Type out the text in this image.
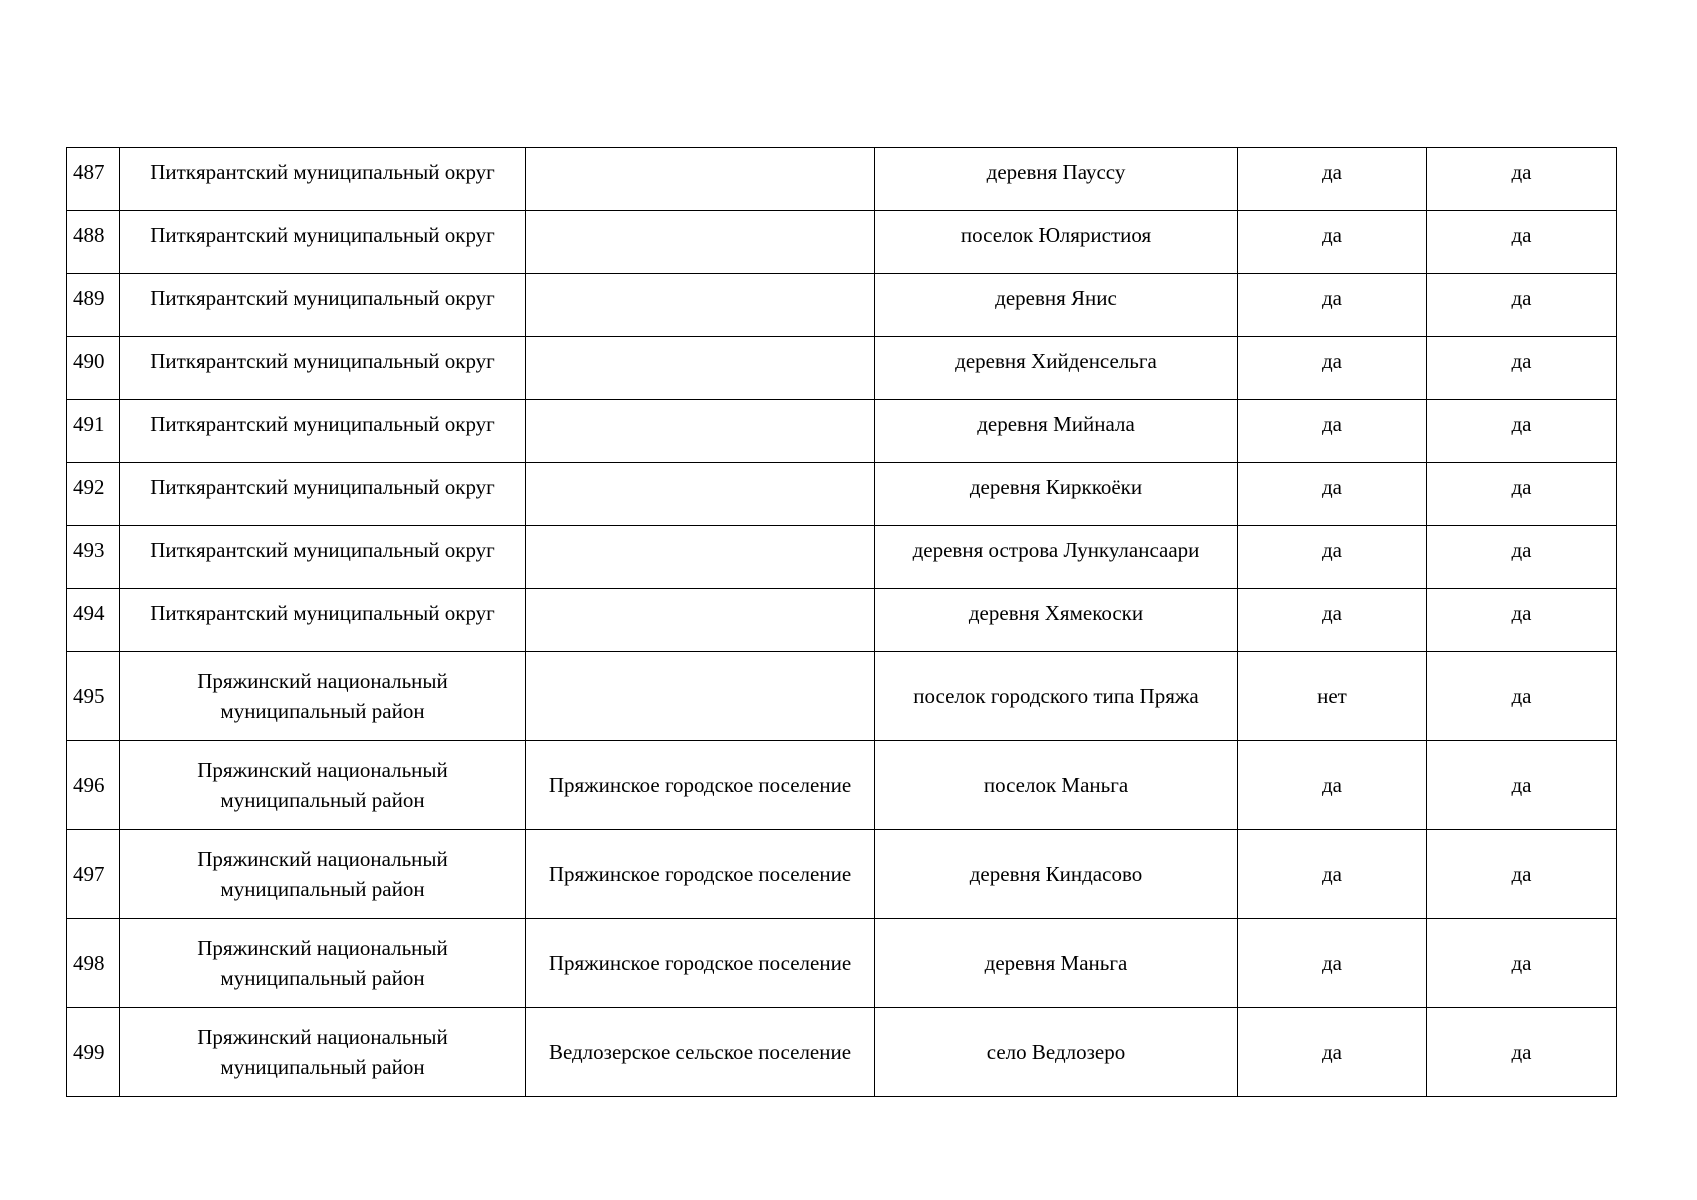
487	Питкярантский муниципальный округ		деревня Пауссу	да	да
488	Питкярантский муниципальный округ		поселок Юляристиоя	да	да
489	Питкярантский муниципальный округ		деревня Янис	да	да
490	Питкярантский муниципальный округ		деревня Хийденсельга	да	да
491	Питкярантский муниципальный округ		деревня Мийнала	да	да
492	Питкярантский муниципальный округ		деревня Кирккоёки	да	да
493	Питкярантский муниципальный округ		деревня острова Лункулансаари	да	да
494	Питкярантский муниципальный округ		деревня Хямекоски	да	да
495	Пряжинский национальный
муниципальный район		поселок городского типа Пряжа	нет	да
496	Пряжинский национальный
муниципальный район	Пряжинское городское поселение	поселок Маньга	да	да
497	Пряжинский национальный
муниципальный район	Пряжинское городское поселение	деревня Киндасово	да	да
498	Пряжинский национальный
муниципальный район	Пряжинское городское поселение	деревня Маньга	да	да
499	Пряжинский национальный
муниципальный район	Ведлозерское сельское поселение	село Ведлозеро	да	да
